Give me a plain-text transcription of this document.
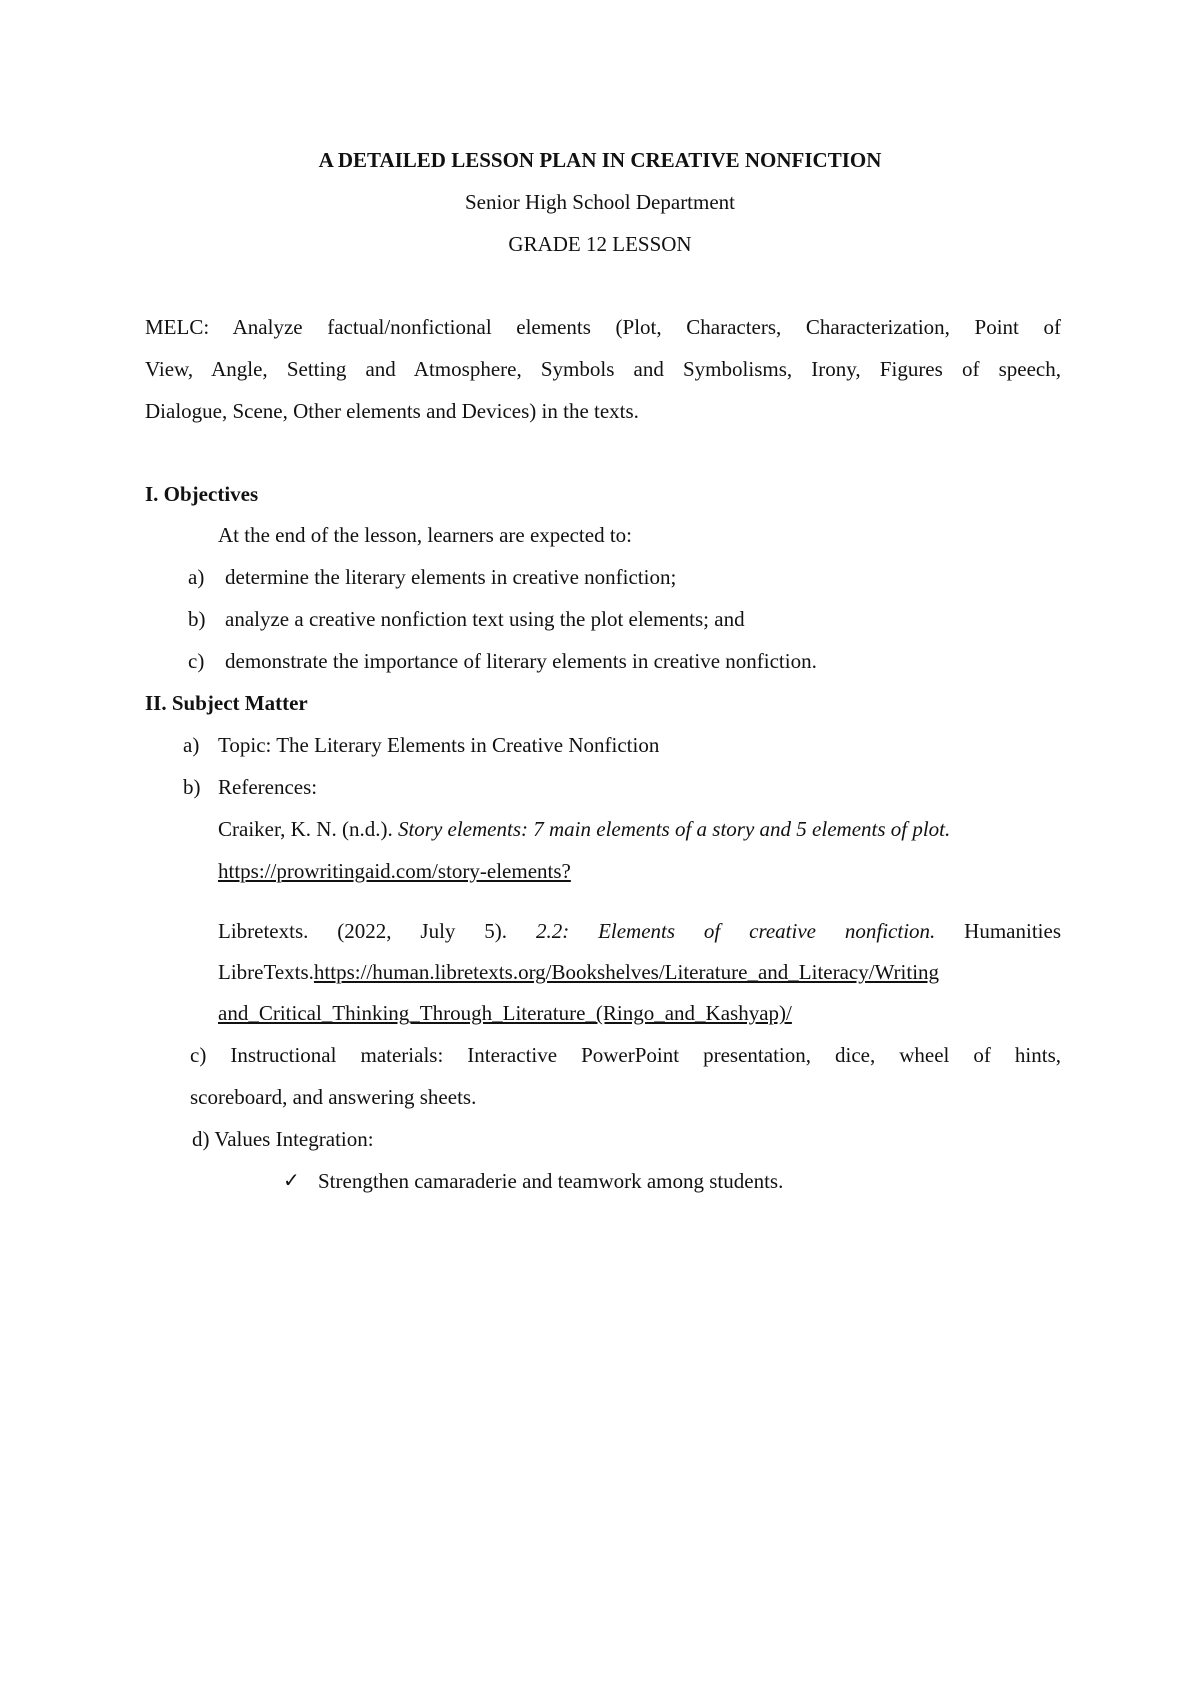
A DETAILED LESSON PLAN IN CREATIVE NONFICTION
Senior High School Department
GRADE 12 LESSON
MELC: Analyze factual/nonfictional elements (Plot, Characters, Characterization, Point of
View, Angle, Setting and Atmosphere, Symbols and Symbolisms, Irony, Figures of speech,
Dialogue, Scene, Other elements and Devices) in the texts.
I. Objectives
At the end of the lesson, learners are expected to:
a) determine the literary elements in creative nonfiction;
b) analyze a creative nonfiction text using the plot elements; and
c) demonstrate the importance of literary elements in creative nonfiction.
II. Subject Matter
a) Topic: The Literary Elements in Creative Nonfiction
b) References:
Craiker, K. N. (n.d.). Story elements: 7 main elements of a story and 5 elements of plot.
https://prowritingaid.com/story-elements?
Libretexts. (2022, July 5). 2.2: Elements of creative nonfiction. Humanities
LibreTexts.https://human.libretexts.org/Bookshelves/Literature_and_Literacy/Writing
and_Critical_Thinking_Through_Literature_(Ringo_and_Kashyap)/
c) Instructional materials: Interactive PowerPoint presentation, dice, wheel of hints,
scoreboard, and answering sheets.
d) Values Integration:
✓ Strengthen camaraderie and teamwork among students.
